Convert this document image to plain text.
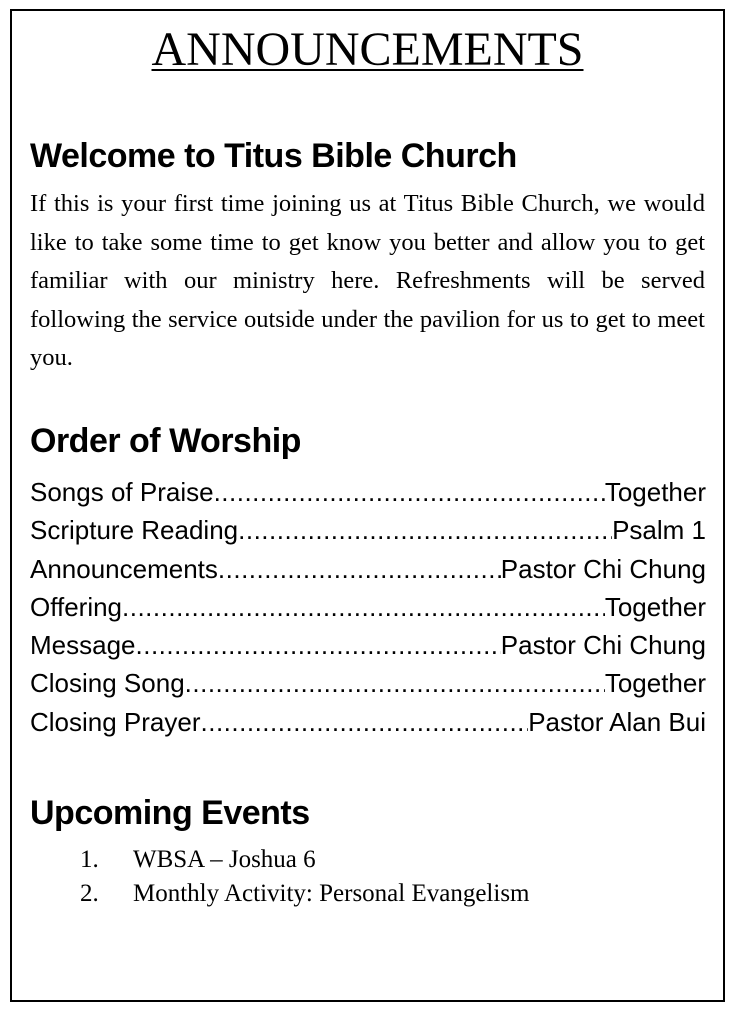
ANNOUNCEMENTS
Welcome to Titus Bible Church

If this is your first time joining us at Titus Bible Church, we would like to take some time to get know you better and allow you to get familiar with our ministry here. Refreshments will be served following the service outside under the pavilion for us to get to meet you.

Order of Worship
Songs of Praise .....	Together
Scripture Reading .....	Psalm 1
Announcements .....	Pastor Chi Chung
Offering .....	Together
Message .....	Pastor Chi Chung
Closing Song .....	Together
Closing Prayer .....	Pastor Alan Bui
Upcoming Events
1.	WBSA – Joshua 6
2.	Monthly Activity: Personal Evangelism
